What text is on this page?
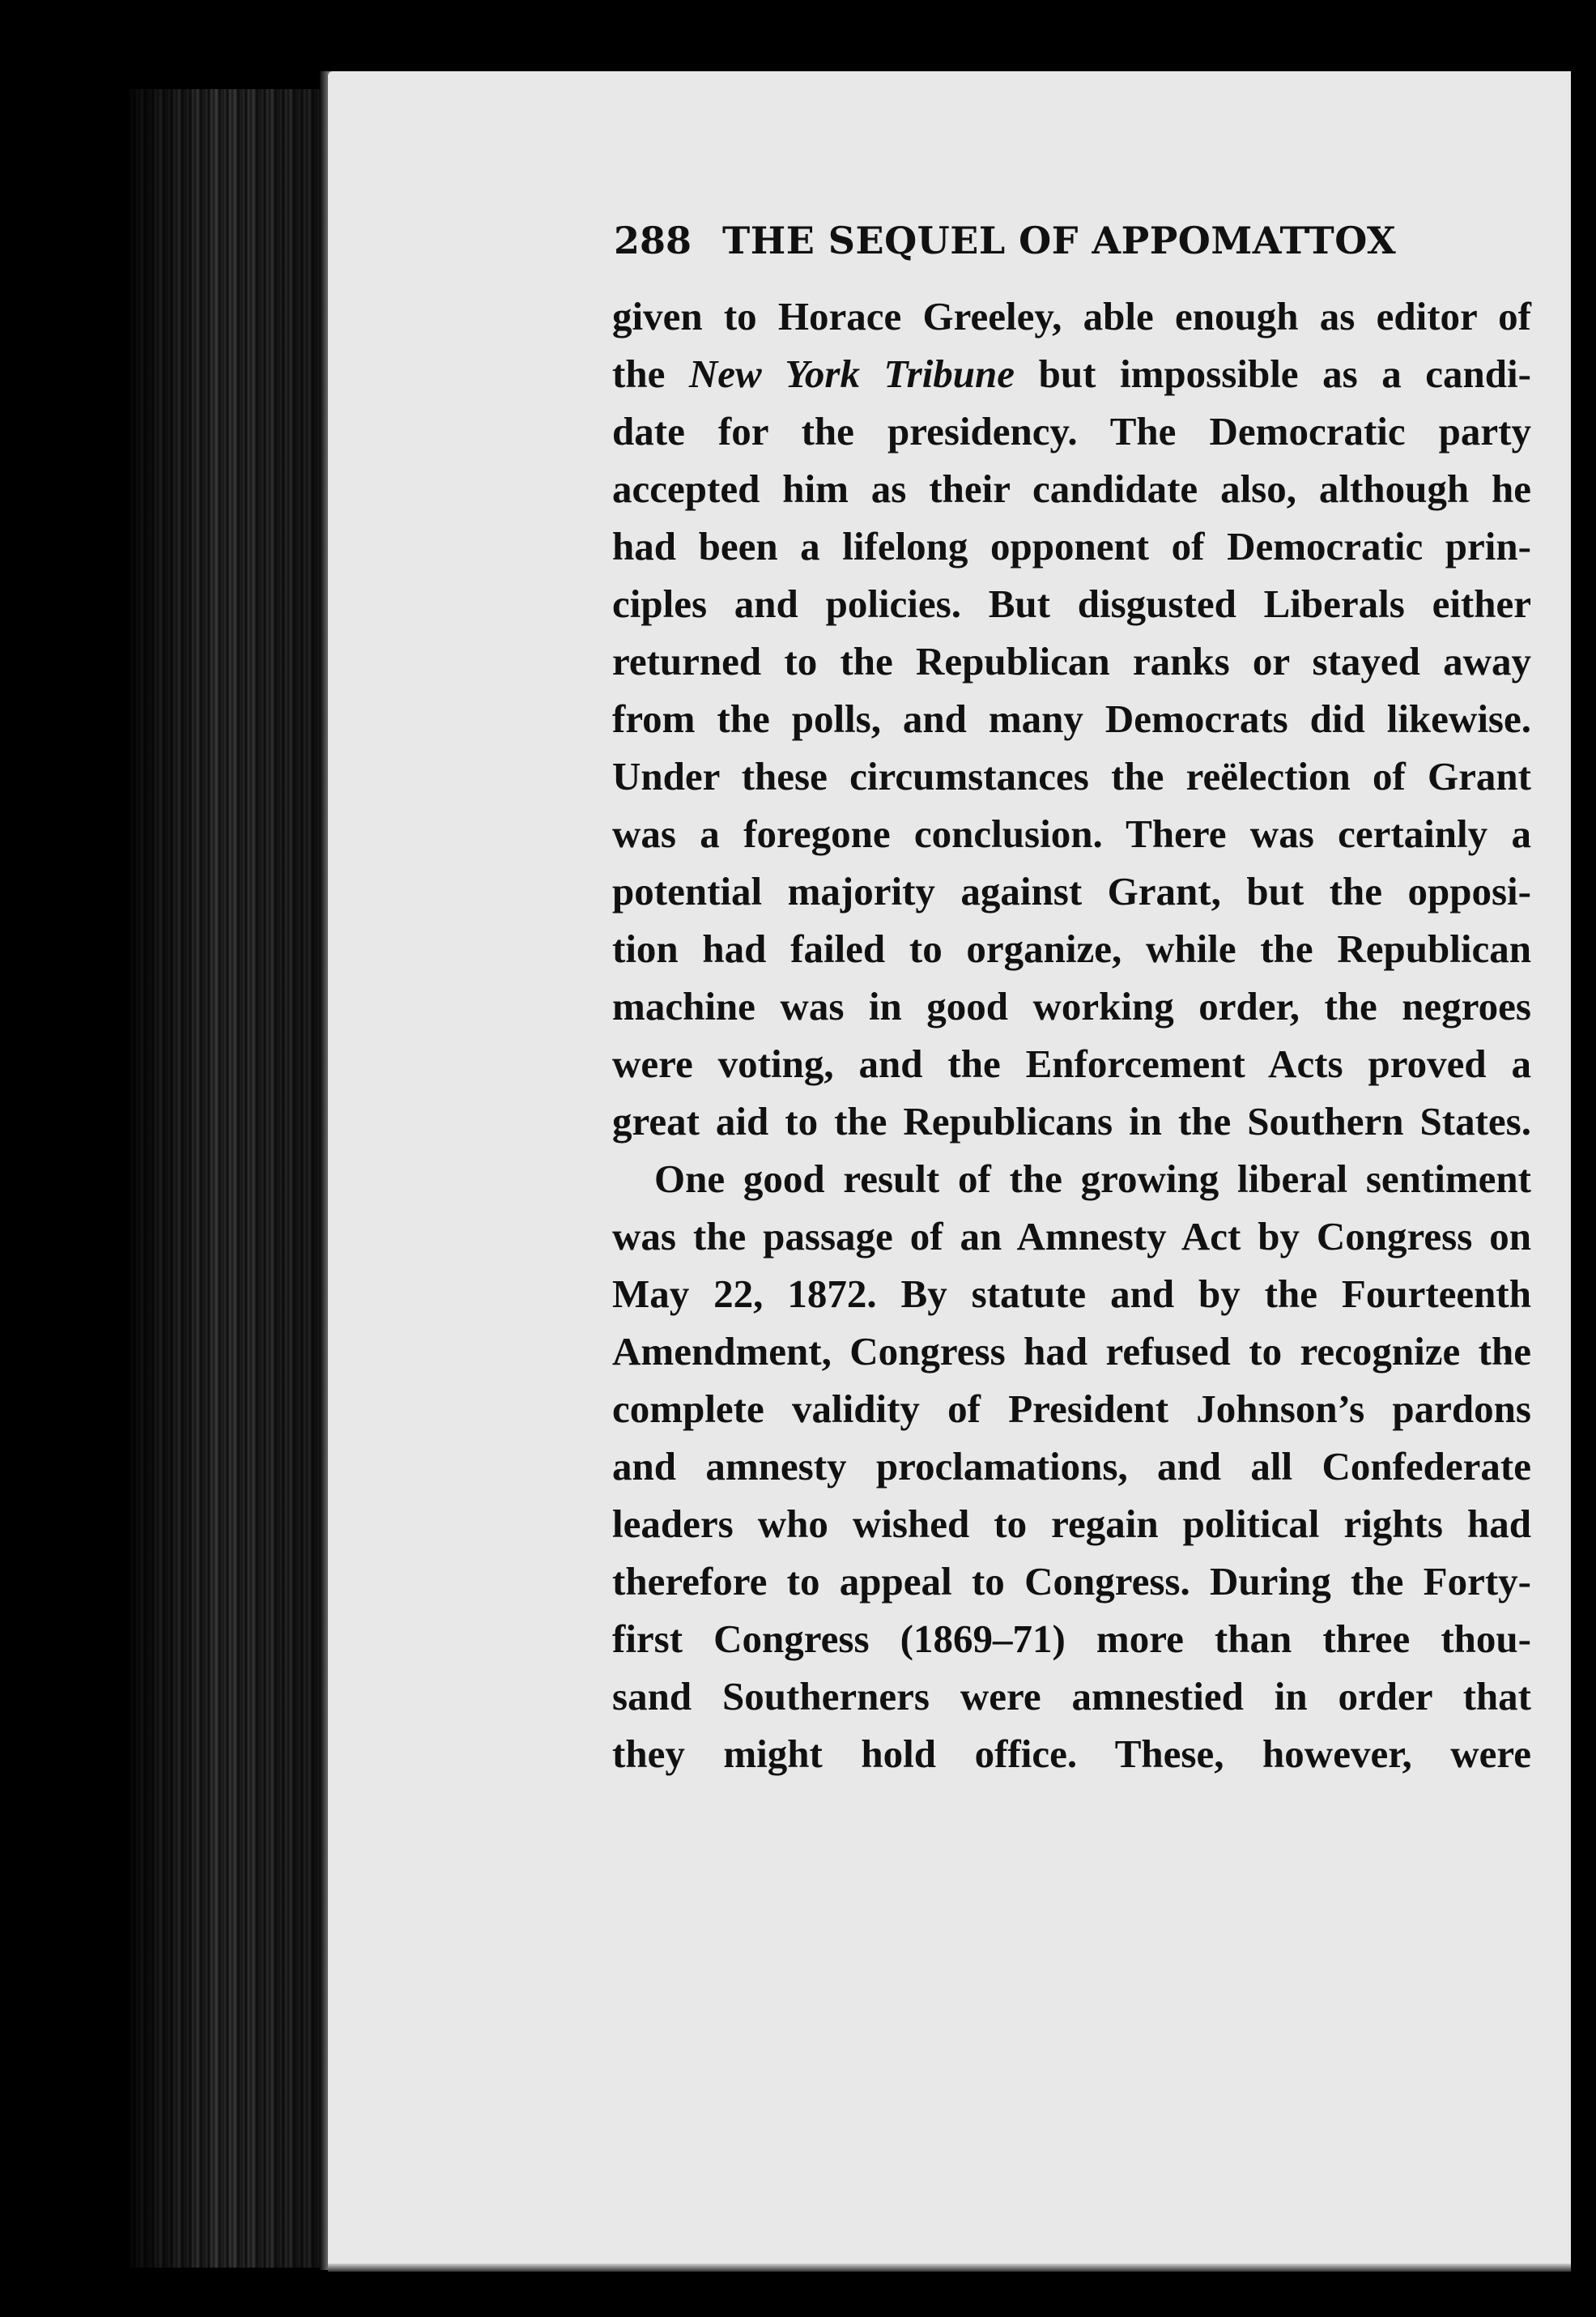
288 THE SEQUEL OF APPOMATTOX
given to Horace Greeley, able enough as editor of
the New York Tribune but impossible as a candi-
date for the presidency. The Democratic party
accepted him as their candidate also, although he
had been a lifelong opponent of Democratic prin-
ciples and policies. But disgusted Liberals either
returned to the Republican ranks or stayed away
from the polls, and many Democrats did likewise.
Under these circumstances the reëlection of Grant
was a foregone conclusion. There was certainly a
potential majority against Grant, but the opposi-
tion had failed to organize, while the Republican
machine was in good working order, the negroes
were voting, and the Enforcement Acts proved a
great aid to the Republicans in the Southern States.
One good result of the growing liberal sentiment
was the passage of an Amnesty Act by Congress on
May 22, 1872. By statute and by the Fourteenth
Amendment, Congress had refused to recognize the
complete validity of President Johnson’s pardons
and amnesty proclamations, and all Confederate
leaders who wished to regain political rights had
therefore to appeal to Congress. During the Forty-
first Congress (1869–71) more than three thou-
sand Southerners were amnestied in order that
they might hold office. These, however, were
